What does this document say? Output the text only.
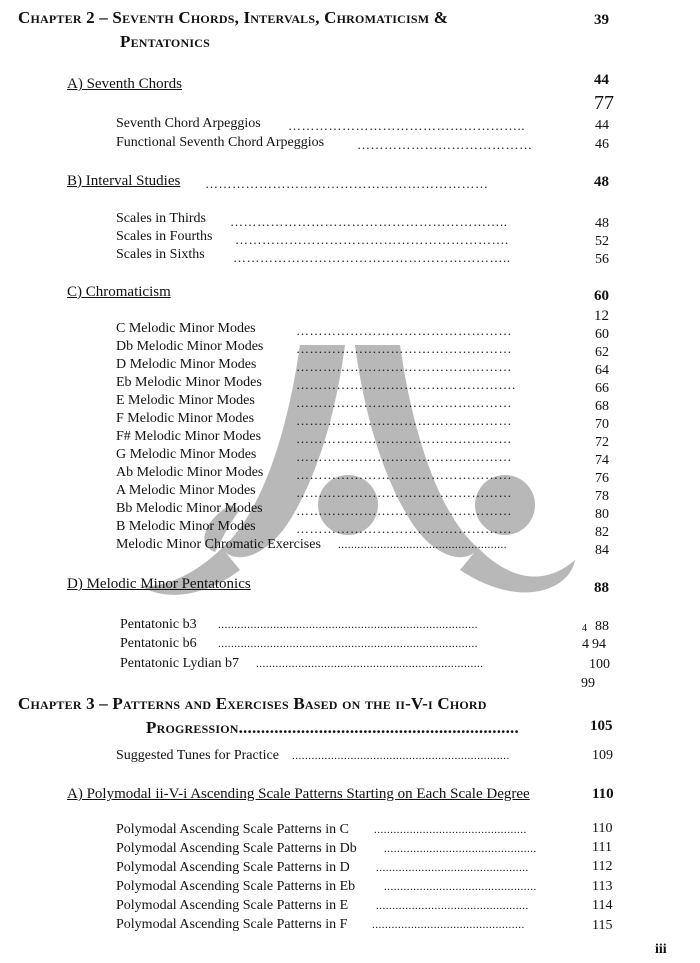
Chapter 2 – Seventh Chords, Intervals, Chromaticism &
Pentatonics
39
A) Seventh Chords	44
77
Seventh Chord Arpeggios ……………………………………………..	44
Functional Seventh Chord Arpeggios	…………………………………	46
B) Interval Studies ………………………………………………………	48
Scales in Thirds ……………………………………………………..	48
Scales in Fourths …………………………………………………….	52
Scales in Sixths ……………………………………………………..	56
C) Chromaticism	60
12
C Melodic Minor Modes	…………………………………………	60
Db Melodic Minor Modes	…………………………………………	62
D Melodic Minor Modes	…………………………………………	64
Eb Melodic Minor Modes	………………………………………….	66
E Melodic Minor Modes	…………………………………………	68
F Melodic Minor Modes	…………………………………………	70
F# Melodic Minor Modes	…………………………………………	72
G Melodic Minor Modes	…………………………………………	74
Ab Melodic Minor Modes	…………………………………………	76
A Melodic Minor Modes	…………………………………………	78
Bb Melodic Minor Modes	…………………………………………	80
B Melodic Minor Modes	…………………………………………	82
Melodic Minor Chromatic Exercises ....................................................	84
D) Melodic Minor Pentatonics	88
Pentatonic b3 ................................................................................	4 88
Pentatonic b6 ................................................................................	4 94
Pentatonic Lydian b7 ......................................................................	100
99
Chapter 3 – Patterns and Exercises Based on the ii-V-i Chord
Progression...............................................................	105
Suggested Tunes for Practice ...................................................................	109
A) Polymodal ii-V-i Ascending Scale Patterns Starting on Each Scale Degree	110
Polymodal Ascending Scale Patterns in C ...............................................	110
Polymodal Ascending Scale Patterns in Db ...............................................	111
Polymodal Ascending Scale Patterns in D ...............................................	112
Polymodal Ascending Scale Patterns in Eb	...............................................	113
Polymodal Ascending Scale Patterns in E	...............................................	114
Polymodal Ascending Scale Patterns in F ...............................................	115
iii
